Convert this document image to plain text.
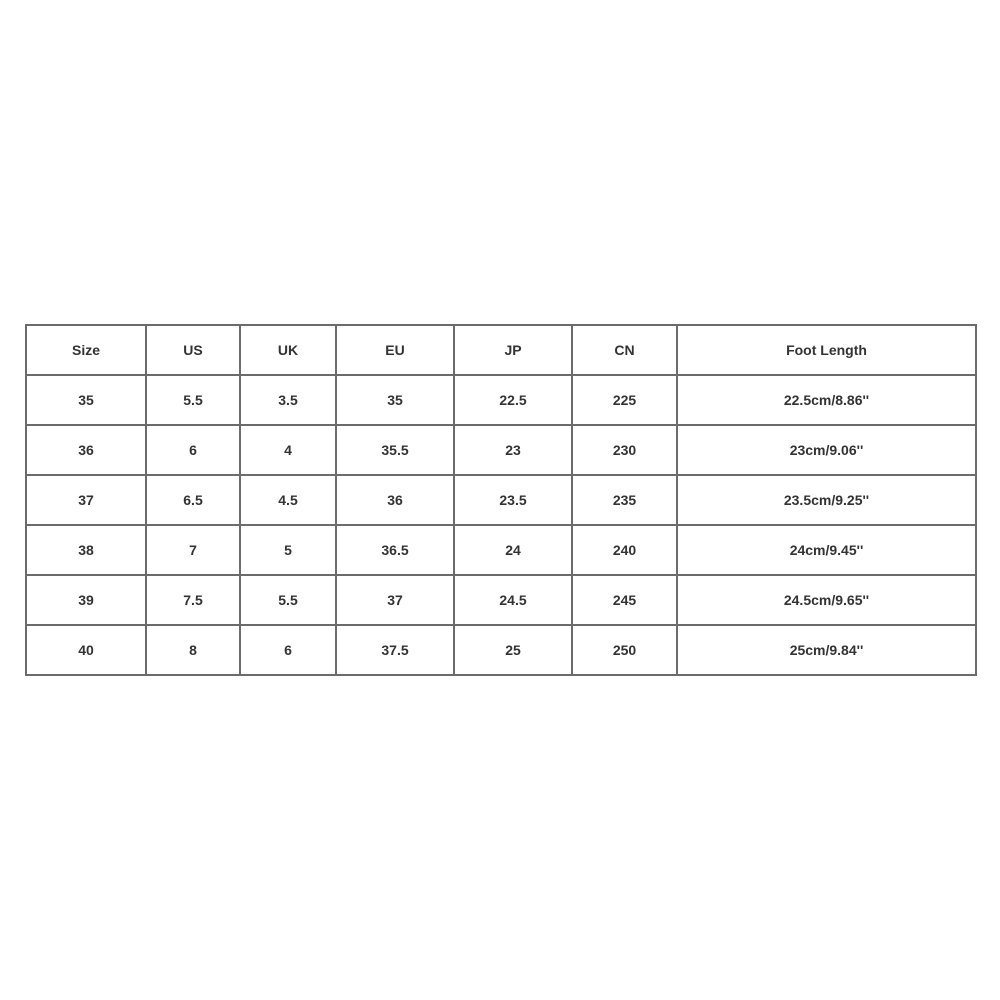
Size	US	UK	EU	JP	CN	Foot Length
35	5.5	3.5	35	22.5	225	22.5cm/8.86''
36	6	4	35.5	23	230	23cm/9.06''
37	6.5	4.5	36	23.5	235	23.5cm/9.25''
38	7	5	36.5	24	240	24cm/9.45''
39	7.5	5.5	37	24.5	245	24.5cm/9.65''
40	8	6	37.5	25	250	25cm/9.84''
